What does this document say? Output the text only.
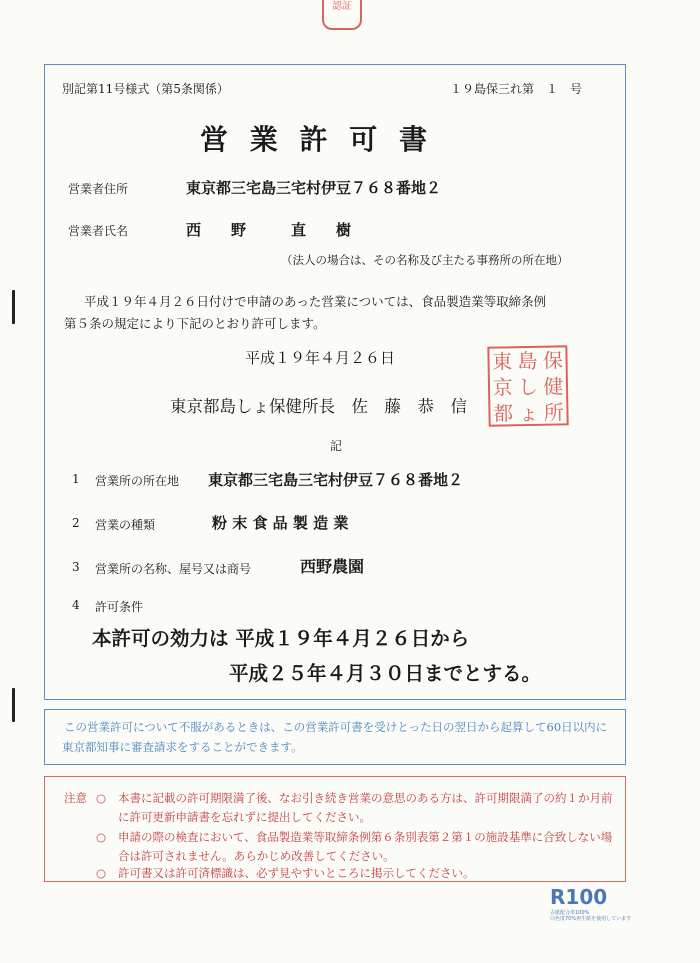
認証
別記第11号様式（第5条関係）	１９島保三れ第　１　号
営 業 許 可 書
営業者住所	東京都三宅島三宅村伊豆７６８番地２
営業者氏名	西　　野　　　直　　樹
（法人の場合は、その名称及び主たる事務所の所在地）
平成１９年４月２６日付けで申請のあった営業については、食品製造業等取締条例
第５条の規定により下記のとおり許可します。
平成１９年４月２６日
東京都島しょ保健所長　佐　藤　恭　信
東 島 保
京 し 健
都 ょ 所
記
1 営業所の所在地 東京都三宅島三宅村伊豆７６８番地２
2 営業の種類	粉 末 食 品 製 造 業
3 営業所の名称、屋号又は商号	西野農園
4 許可条件
本許可の効力は 平成１９年４月２６日から
平成２５年４月３０日までとする。
この営業許可について不服があるときは、この営業許可書を受けとった日の翌日から起算して60日以内に
東京都知事に審査請求をすることができます。
注意 ○ 本書に記載の許可期限満了後、なお引き続き営業の意思のある方は、許可期限満了の約１か月前
に許可更新申請書を忘れずに提出してください。
○ 申請の際の検査において、食品製造業等取締条例第６条別表第２第１の施設基準に合致しない場
合は許可されません。あらかじめ改善してください。
○ 許可書又は許可済標識は、必ず見やすいところに掲示してください。
R100
古紙配合率100%
白色度70%再生紙を使用しています
